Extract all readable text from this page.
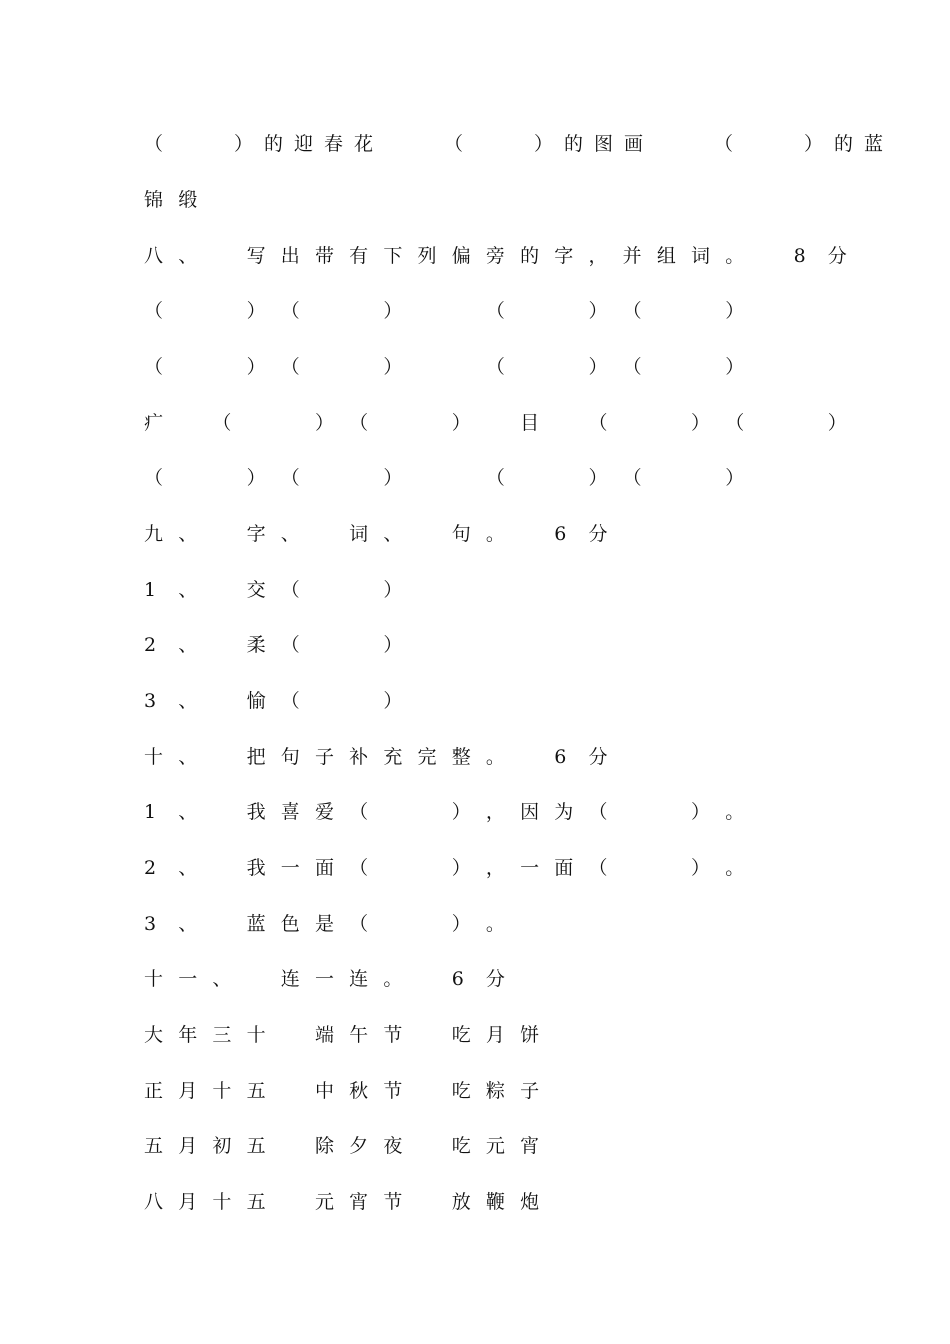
（　　	） 的 迎 春 花　　	（　　	） 的 图 画　　	（　　	） 的 蓝
锦 缎
八 、　	写 出 带 有 下 列 偏 旁 的 字 ， 并 组 词 。　	8 分
（　　	） （　　	）　　	（　　	） （　　	）
（　　	） （　　	）　　	（　　	） （　　	）
疒　	（　　	） （　　	）　	目　	（　　	） （　　	）
（　　	） （　　	）　　	（　　	） （　　	）
九 、　	字 、　	词 、　	句 。　	6 分
1 、　	交 （　　	）
2 、　	柔 （　　	）
3 、　	愉 （　　	）
十 、　	把 句 子 补 充 完 整 。　	6 分
1 、　	我 喜 爱 （　　	） ， 因 为 （　　	） 。
2 、　	我 一 面 （　　	） ， 一 面 （　　	） 。
3 、　	蓝 色 是 （　　	） 。
十 一 、　	连 一 连 。　	6 分
大 年 三 十　	端 午 节　	吃 月 饼
正 月 十 五　	中 秋 节　	吃 粽 子
五 月 初 五　	除 夕 夜　	吃 元 宵
八 月 十 五　	元 宵 节　	放 鞭 炮
